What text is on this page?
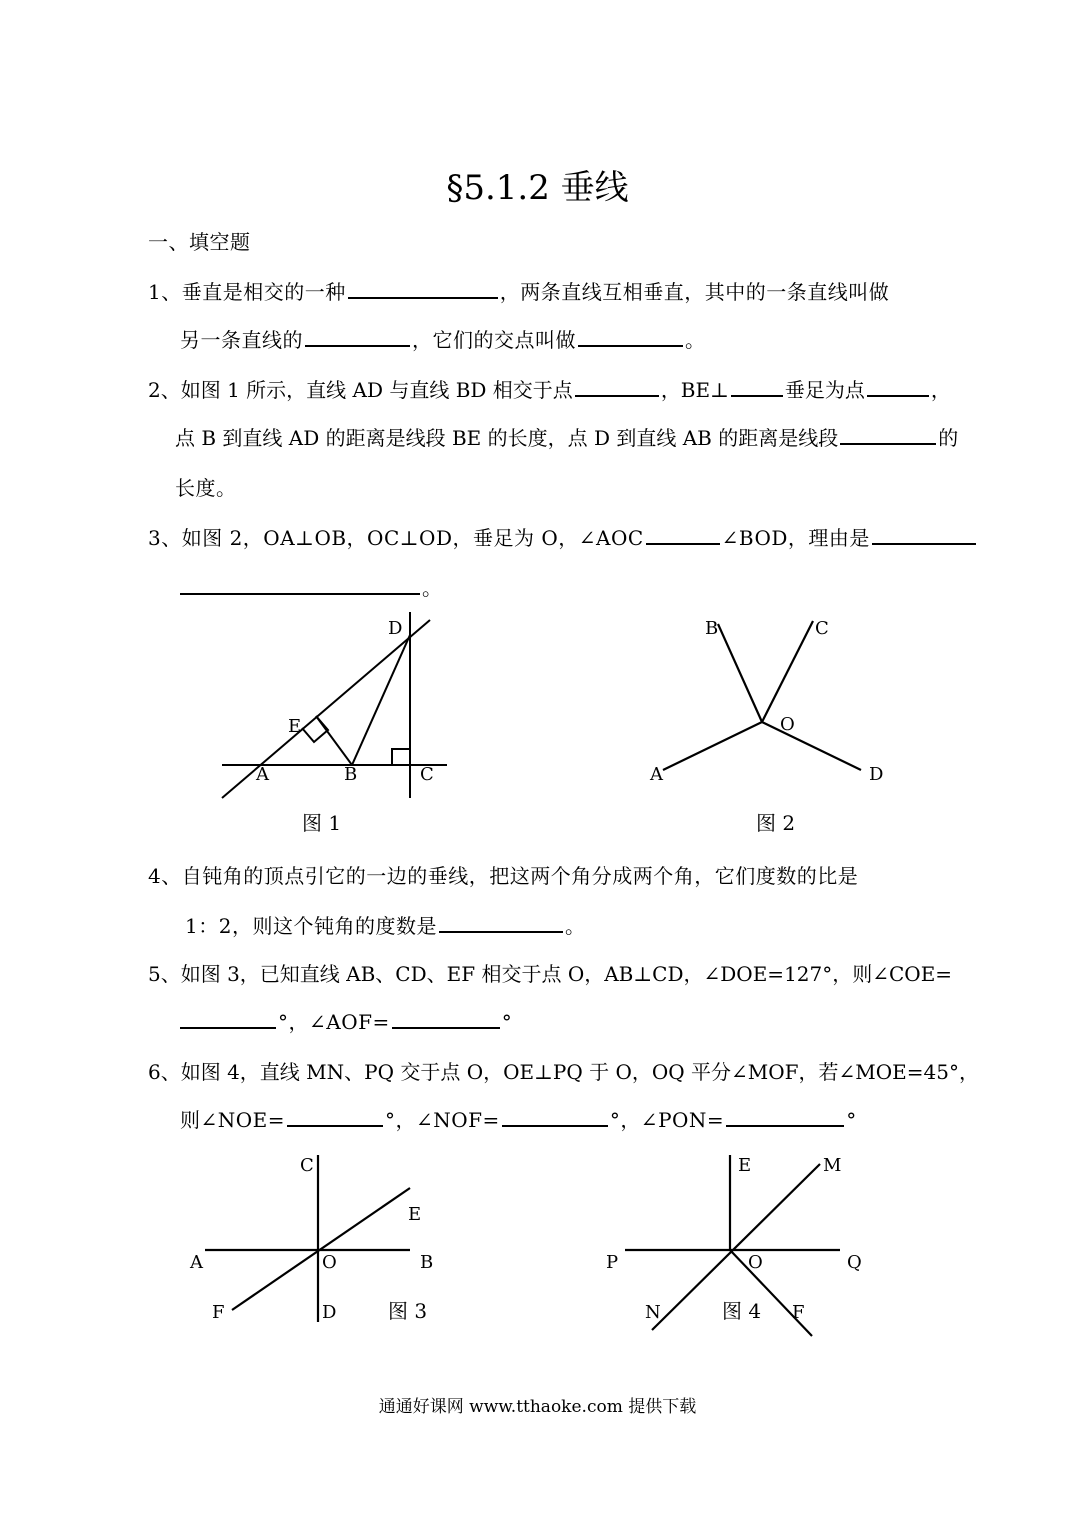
§5.1.2 垂线
一、填空题
1、垂直是相交的一种	，两条直线互相垂直，其中的一条直线叫做
另一条直线的	，它们的交点叫做	。
2、如图 1 所示，直线 AD 与直线 BD 相交于点	，BE⊥	垂足为点	，
点 B 到直线 AD 的距离是线段 BE 的长度，点 D 到直线 AB 的距离是线段	的
长度。
3、如图 2，OA⊥OB，OC⊥OD，垂足为 O，∠AOC	∠BOD，理由是
。
4、自钝角的顶点引它的一边的垂线，把这两个角分成两个角，它们度数的比是
1：2，则这个钝角的度数是	。
5、如图 3，已知直线 AB、CD、EF 相交于点 O，AB⊥CD，∠DOE=127°，则∠COE=
°，∠AOF=	°
6、如图 4，直线 MN、PQ 交于点 O，OE⊥PQ 于 O，OQ 平分∠MOF，若∠MOE=45°，
则∠NOE=	°，∠NOF=	°，∠PON=	°
D
E
A	B	C
图 1
B	C
O
A	D
图 2
C
E
A	O	B
F	D	图 3
E	M
P	O	Q
N	F
图 4
通通好课网 www.tthaoke.com 提供下载
